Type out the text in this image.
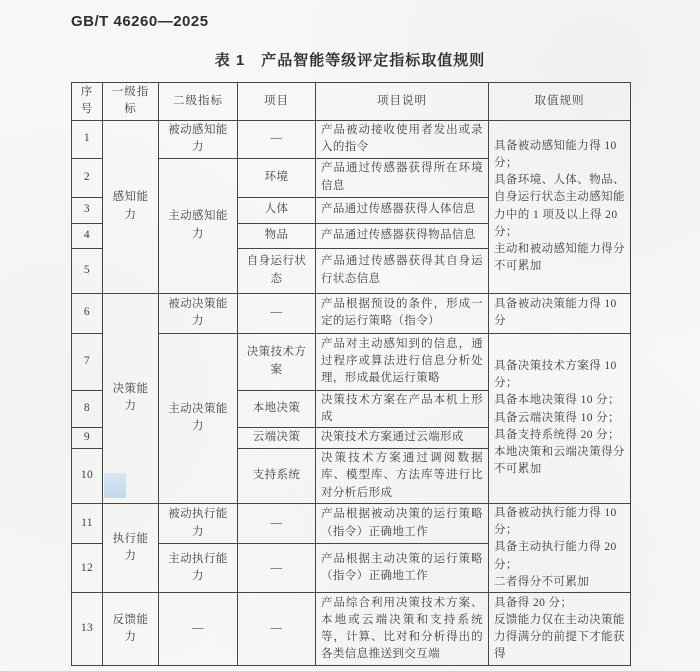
GB/T 46260—2025
表 1　产品智能等级评定指标取值规则
序号	一级指标	二级指标	项目	项目说明	取值规则
1	感知能力	被动感知能力	—	产品被动接收使用者发出或录入的指令	具备被动感知能力得 10 分；
具备环境、人体、物品、自身运行状态主动感知能力中的 1 项及以上得 20 分；
主动和被动感知能力得分不可累加

2		主动感知能力	环境	产品通过传感器获得所在环境信息	
3			人体	产品通过传感器获得人体信息	
4			物品	产品通过传感器获得物品信息	
5			自身运行状态	产品通过传感器获得其自身运行状态信息	
6	决策能力	被动决策能力	—	产品根据预设的条件，形成一定的运行策略（指令）	具备被动决策能力得 10 分

7		主动决策能力	决策技术方案	产品对主动感知到的信息，通过程序或算法进行信息分析处理，形成最优运行策略	具备决策技术方案得 10 分；
具备本地决策得 10 分；
具备云端决策得 10 分；
具备支持系统得 20 分；
本地决策和云端决策得分不可累加

8			本地决策	决策技术方案在产品本机上形成	
9			云端决策	决策技术方案通过云端形成	
10			支持系统	决策技术方案通过调阅数据库、模型库、方法库等进行比对分析后形成	
11	执行能力	被动执行能力	—	产品根据被动决策的运行策略（指令）正确地工作	具备被动执行能力得 10 分；
具备主动执行能力得 20 分；
二者得分不可累加

12		主动执行能力	—	产品根据主动决策的运行策略（指令）正确地工作	
13	反馈能力	—	—	产品综合利用决策技术方案、本地或云端决策和支持系统等，计算、比对和分析得出的各类信息推送到交互端	具备得 20 分；
反馈能力仅在主动决策能力得满分的前提下才能获得
